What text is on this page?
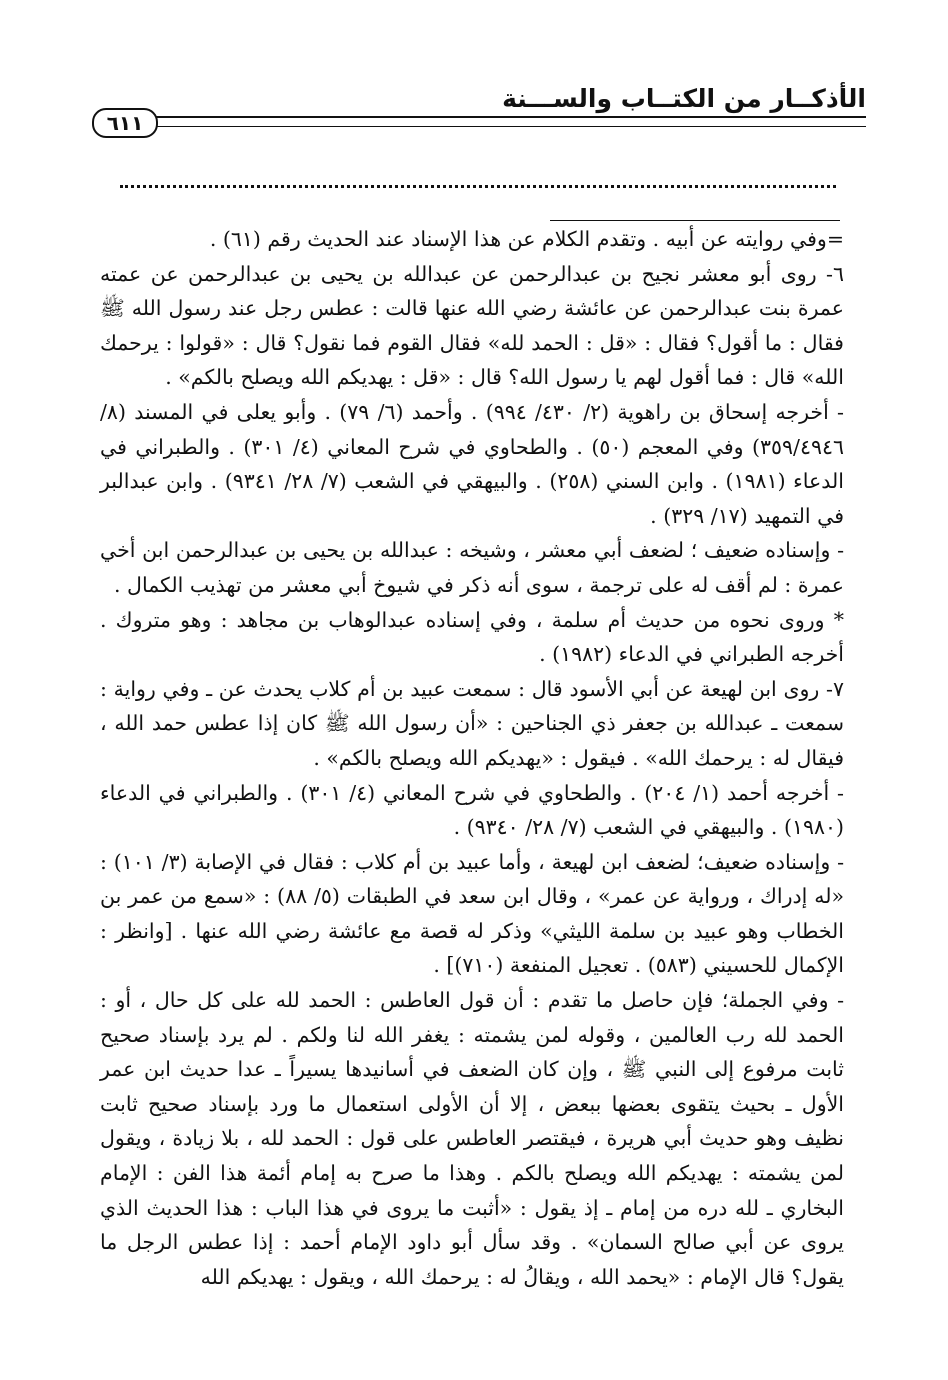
الأذكــار من الكتــاب والســـنة
٦١١

=وفي روايته عن أبيه . وتقدم الكلام عن هذا الإسناد عند الحديث رقم (٦١) .

٦- روى أبو معشر نجيح بن عبدالرحمن عن عبدالله بن يحيى بن عبدالرحمن عن عمته عمرة بنت عبدالرحمن عن عائشة رضي الله عنها قالت : عطس رجل عند رسول الله ﷺ فقال : ما أقول؟ فقال : «قل : الحمد لله» فقال القوم فما نقول؟ قال : «قولوا : يرحمك الله» قال : فما أقول لهم يا رسول الله؟ قال : «قل : يهديكم الله ويصلح بالكم» .

- أخرجه إسحاق بن راهوية (٢/ ٤٣٠/ ٩٩٤) . وأحمد (٦/ ٧٩) . وأبو يعلى في المسند (٨/ ٣٥٩/٤٩٤٦) وفي المعجم (٥٠) . والطحاوي في شرح المعاني (٤/ ٣٠١) . والطبراني في الدعاء (١٩٨١) . وابن السني (٢٥٨) . والبيهقي في الشعب (٧/ ٢٨/ ٩٣٤١) . وابن عبدالبر في التمهيد (١٧/ ٣٢٩) .

- وإسناده ضعيف ؛ لضعف أبي معشر ، وشيخه : عبدالله بن يحيى بن عبدالرحمن ابن أخي عمرة : لم أقف له على ترجمة ، سوى أنه ذكر في شيوخ أبي معشر من تهذيب الكمال .

* وروى نحوه من حديث أم سلمة ، وفي إسناده عبدالوهاب بن مجاهد : وهو متروك . أخرجه الطبراني في الدعاء (١٩٨٢) .

٧- روى ابن لهيعة عن أبي الأسود قال : سمعت عبيد بن أم كلاب يحدث عن ـ وفي رواية : سمعت ـ عبدالله بن جعفر ذي الجناحين : «أن رسول الله ﷺ كان إذا عطس حمد الله ، فيقال له : يرحمك الله» . فيقول : «يهديكم الله ويصلح بالكم» .

- أخرجه أحمد (١/ ٢٠٤) . والطحاوي في شرح المعاني (٤/ ٣٠١) . والطبراني في الدعاء (١٩٨٠) . والبيهقي في الشعب (٧/ ٢٨/ ٩٣٤٠) .

- وإسناده ضعيف؛ لضعف ابن لهيعة ، وأما عبيد بن أم كلاب : فقال في الإصابة (٣/ ١٠١) : «له إدراك ، ورواية عن عمر» ، وقال ابن سعد في الطبقات (٥/ ٨٨) : «سمع من عمر بن الخطاب وهو عبيد بن سلمة الليثي» وذكر له قصة مع عائشة رضي الله عنها . [وانظر : الإكمال للحسيني (٥٨٣) . تعجيل المنفعة (٧١٠)] .

- وفي الجملة؛ فإن حاصل ما تقدم : أن قول العاطس : الحمد لله على كل حال ، أو : الحمد لله رب العالمين ، وقوله لمن يشمته : يغفر الله لنا ولكم . لم يرد بإسناد صحيح ثابت مرفوع إلى النبي ﷺ ، وإن كان الضعف في أسانيدها يسيراً ـ عدا حديث ابن عمر الأول ـ بحيث يتقوى بعضها ببعض ، إلا أن الأولى استعمال ما ورد بإسناد صحيح ثابت نظيف وهو حديث أبي هريرة ، فيقتصر العاطس على قول : الحمد لله ، بلا زيادة ، ويقول لمن يشمته : يهديكم الله ويصلح بالكم . وهذا ما صرح به إمام أئمة هذا الفن : الإمام البخاري ـ لله دره من إمام ـ إذ يقول : «أثبت ما يروى في هذا الباب : هذا الحديث الذي يروى عن أبي صالح السمان» . وقد سأل أبو داود الإمام أحمد : إذا عطس الرجل ما يقول؟ قال الإمام : «يحمد الله ، ويقالُ له : يرحمك الله ، ويقول : يهديكم الله
